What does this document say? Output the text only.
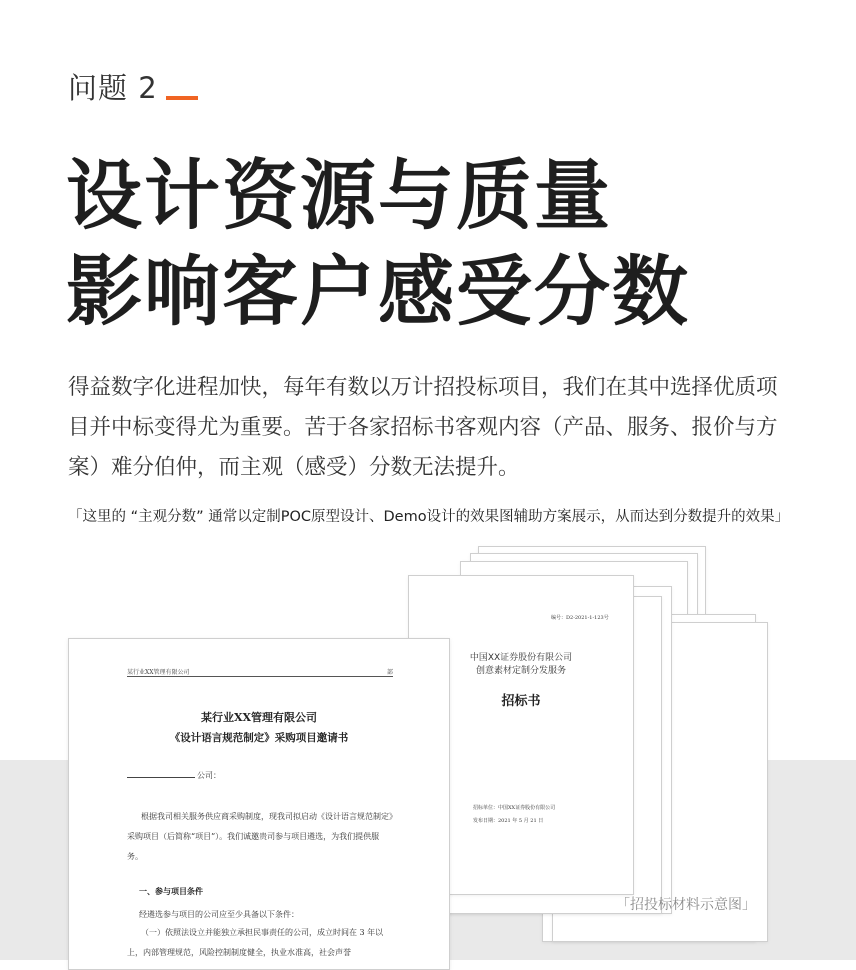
问题 2
设计资源与质量
影响客户感受分数
得益数字化进程加快，每年有数以万计招投标项目，我们在其中选择优质项目并中标变得尤为重要。苦于各家招标书客观内容（产品、服务、报价与方案）难分伯仲，而主观（感受）分数无法提升。
「这里的 “主观分数” 通常以定制POC原型设计、Demo设计的效果图辅助方案展示，从而达到分数提升的效果」
编号：D2-2021-1-123号
中国XX证券股份有限公司
创意素材定制分发服务
招标书
招标单位：中国XX证券股份有限公司
发布日期：2021 年 5 月 21 日
某行业XX管理有限公司	部
某行业XX管理有限公司
《设计语言规范制定》采购项目邀请书
公司：
根据我司相关服务供应商采购制度，现我司拟启动《设计语言规范制定》采购项目（后简称“项目”）。我们诚邀贵司参与项目遴选，为我们提供服务。
一、参与项目条件
经遴选参与项目的公司应至少具备以下条件：
（一）依照法设立并能独立承担民事责任的公司，成立时间在 3 年以上，内部管理规范，风险控制制度健全，执业水准高，社会声誉
「招投标材料示意图」
